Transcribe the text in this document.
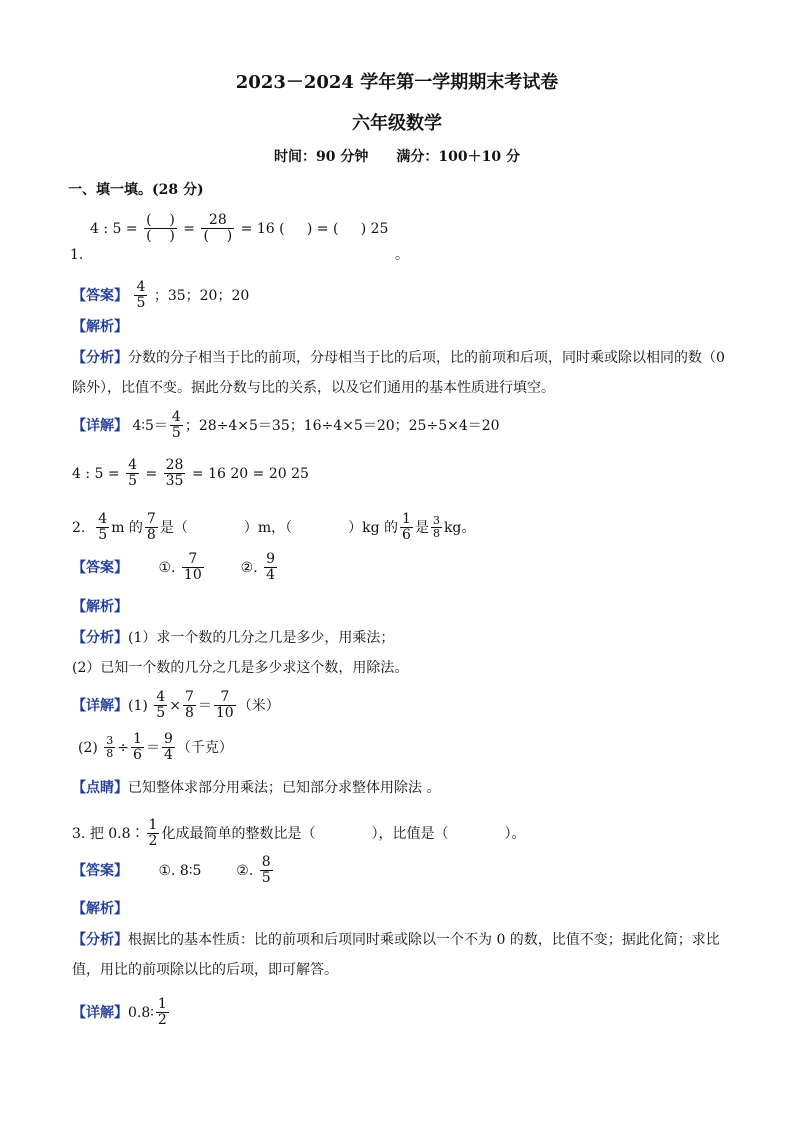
2023－2024 学年第一学期期末考试卷
六年级数学
时间：90 分钟　　满分：100＋10 分
一、填一填。(28 分)
1.
4 : $5 = \frac{( )}{( )} = \frac{28}{( )} = 16$ ( ) = ( ) 25
。
【答案】 $\frac{4}{5}$ ；35；20；20
【解析】
【分析】分数的分子相当于比的前项，分母相当于比的后项，比的前项和后项，同时乘或除以相同的数（0
除外），比值不变。据此分数与比的关系，以及它们通用的基本性质进行填空。
【详解】 4∶5＝ $\frac{4}{5}$ ；28÷4×5＝35；16÷4×5＝20；25÷5×4＝20
4 : $5 = \frac{4}{5} = \frac{28}{35} = 16$ 20 = 20 25
2. $\frac{4}{5}$ m 的 $\frac{7}{8}$ 是（　　　　）m，（　　　　）kg 的 $\frac{1}{6}$ 是 $\frac{3}{8}$ kg。
【答案】 ①. $\frac{7}{10}$	②. $\frac{9}{4}$
【解析】
【分析】(1）求一个数的几分之几是多少，用乘法；
(2）已知一个数的几分之几是多少求这个数，用除法。
【详解】$(1) \frac{4}{5} \times \frac{7}{8} = \frac{7}{10}$ （米）
$(2) \frac{3}{8} \div \frac{1}{6} = \frac{9}{4}$ （千克）
【点睛】已知整体求部分用乘法；已知部分求整体用除法 。
3. 把 0.8∶ $\frac{1}{2}$ 化成最简单的整数比是（　　　　），比值是（　　　　）。
【答案】 ①. 8∶5 ②. $\frac{8}{5}$
【解析】
【分析】根据比的基本性质：比的前项和后项同时乘或除以一个不为 0 的数，比值不变；据此化简；求比
值，用比的前项除以比的后项，即可解答。
【详解】0.8∶ $\frac{1}{2}$
